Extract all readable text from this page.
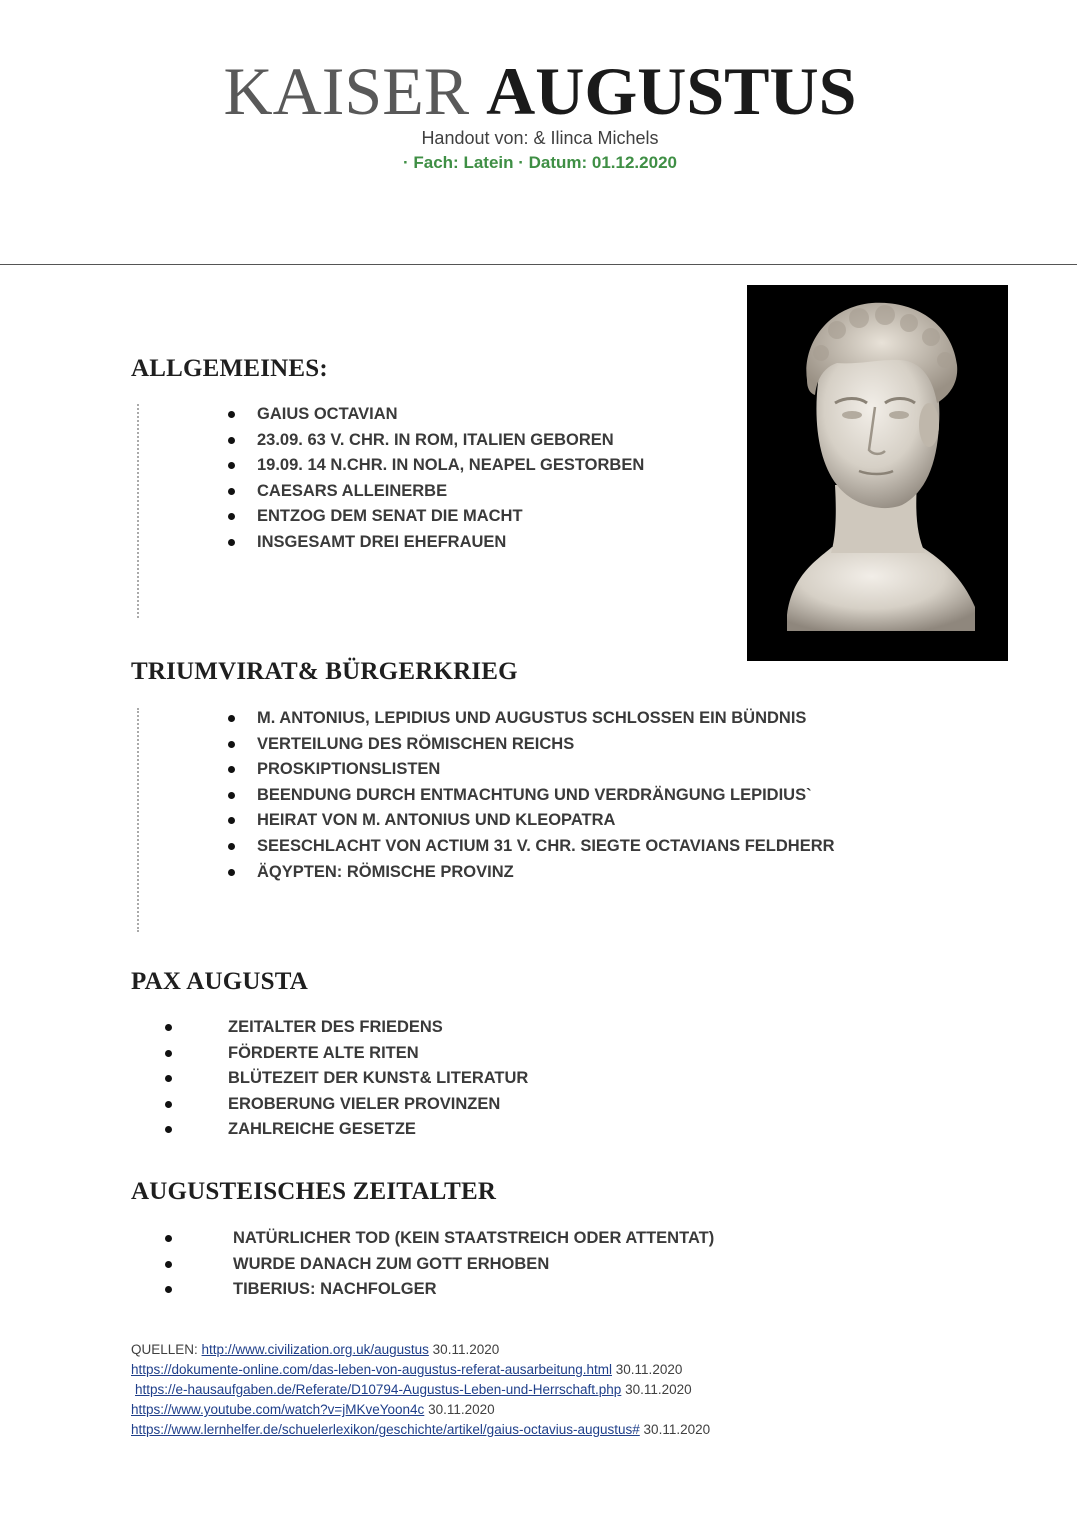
KAISER AUGUSTUS
Handout von: & Ilinca Michels
· Fach: Latein · Datum: 01.12.2020
ALLGEMEINES:
GAIUS OCTAVIAN
23.09. 63 V. CHR. IN ROM, ITALIEN GEBOREN
19.09. 14 N.CHR. IN NOLA, NEAPEL GESTORBEN
CAESARS ALLEINERBE
ENTZOG DEM SENAT DIE MACHT
INSGESAMT DREI EHEFRAUEN
TRIUMVIRAT& BÜRGERKRIEG
M. ANTONIUS, LEPIDIUS UND AUGUSTUS SCHLOSSEN EIN BÜNDNIS
VERTEILUNG DES RÖMISCHEN REICHS
PROSKIPTIONSLISTEN
BEENDUNG DURCH ENTMACHTUNG UND VERDRÄNGUNG LEPIDIUS`
HEIRAT VON M. ANTONIUS UND KLEOPATRA
SEESCHLACHT VON ACTIUM 31 V. CHR. SIEGTE OCTAVIANS FELDHERR
ÄQYPTEN: RÖMISCHE PROVINZ
PAX AUGUSTA
ZEITALTER DES FRIEDENS
FÖRDERTE ALTE RITEN
BLÜTEZEIT DER KUNST& LITERATUR
EROBERUNG VIELER PROVINZEN
ZAHLREICHE GESETZE
AUGUSTEISCHES ZEITALTER
NATÜRLICHER TOD (KEIN STAATSTREICH ODER ATTENTAT)
WURDE DANACH ZUM GOTT ERHOBEN
TIBERIUS: NACHFOLGER
QUELLEN: http://www.civilization.org.uk/augustus 30.11.2020
https://dokumente-online.com/das-leben-von-augustus-referat-ausarbeitung.html 30.11.2020
https://e-hausaufgaben.de/Referate/D10794-Augustus-Leben-und-Herrschaft.php 30.11.2020
https://www.youtube.com/watch?v=jMKveYoon4c 30.11.2020
https://www.lernhelfer.de/schuelerlexikon/geschichte/artikel/gaius-octavius-augustus# 30.11.2020
